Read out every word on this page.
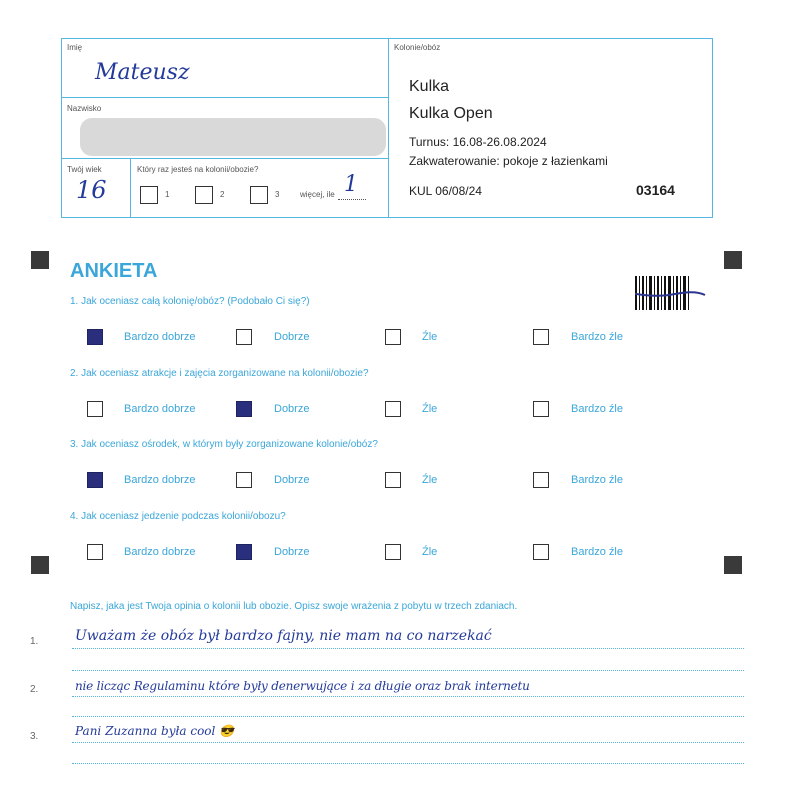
Imię
Mateusz
Nazwisko
Twój wiek
16
Który raz jesteś na kolonii/obozie?
1	2	3	więcej, ile 1
Kolonie/obóz
Kulka
Kulka Open
Turnus: 16.08-26.08.2024
Zakwaterowanie: pokoje z łazienkami
KUL 06/08/24	03164
ANKIETA
1. Jak oceniasz całą kolonię/obóz? (Podobało Ci się?)
Bardzo dobrze	Dobrze	Źle	Bardzo źle
2. Jak oceniasz atrakcje i zajęcia zorganizowane na kolonii/obozie?
Bardzo dobrze	Dobrze	Źle	Bardzo źle
3. Jak oceniasz ośrodek, w którym były zorganizowane kolonie/obóz?
Bardzo dobrze	Dobrze	Źle	Bardzo źle
4. Jak oceniasz jedzenie podczas kolonii/obozu?
Bardzo dobrze	Dobrze	Źle	Bardzo źle
Napisz, jaka jest Twoja opinia o kolonii lub obozie. Opisz swoje wrażenia z pobytu w trzech zdaniach.
1.	Uważam że obóz był bardzo fajny, nie mam na co narzekać
2.	nie licząc Regulaminu które były denerwujące i za długie oraz brak internetu
3.	Pani Zuzanna była cool 😎
